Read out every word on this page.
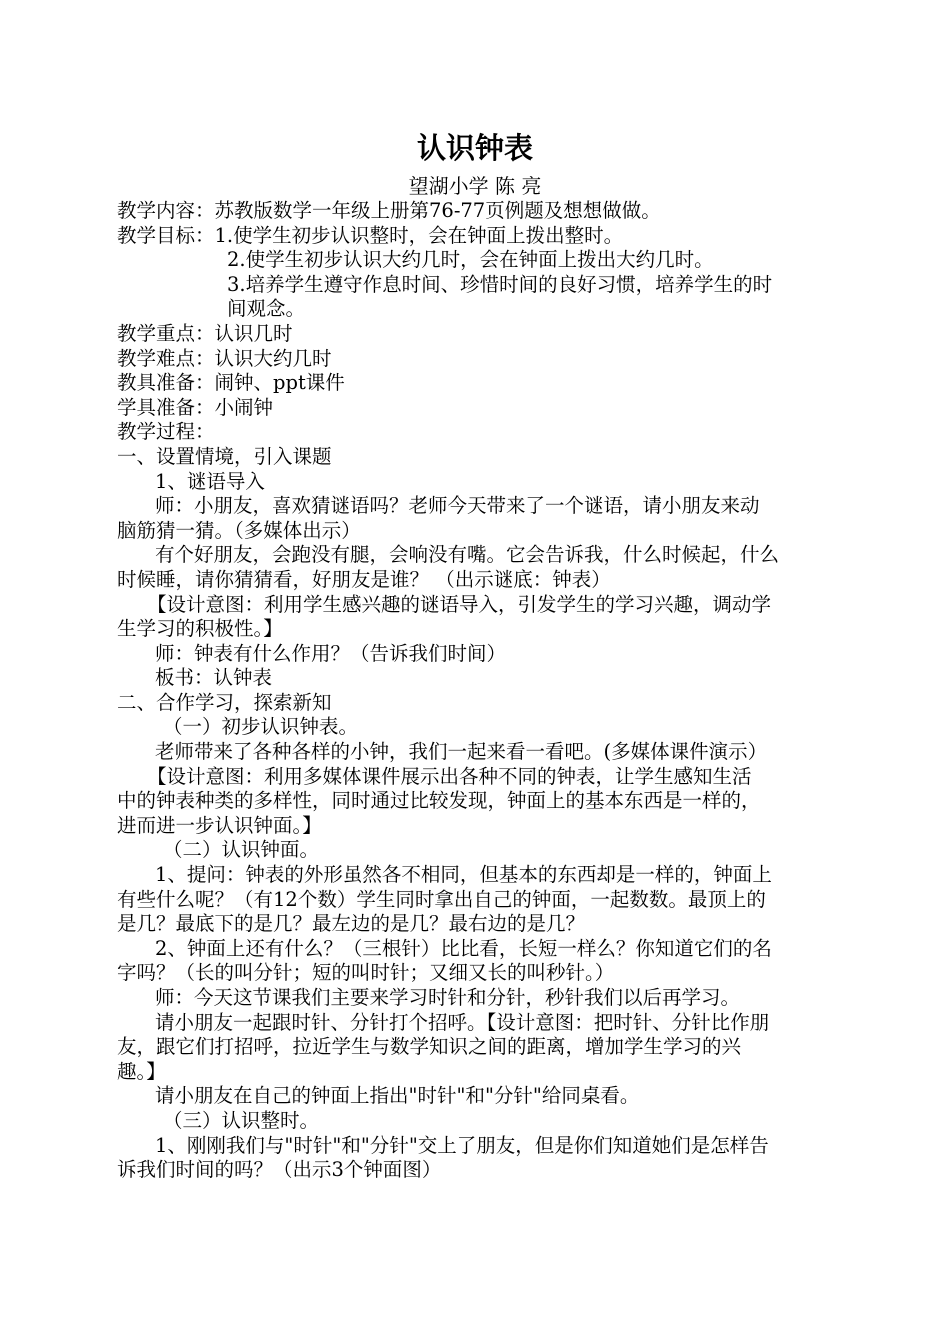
认识钟表
望湖小学 陈 亮
教学内容：苏教版数学一年级上册第76-77页例题及想想做做。
教学目标：1.使学生初步认识整时，会在钟面上拨出整时。
2.使学生初步认识大约几时，会在钟面上拨出大约几时。
3.培养学生遵守作息时间、珍惜时间的良好习惯，培养学生的时
间观念。
教学重点：认识几时
教学难点：认识大约几时
教具准备：闹钟、ppt课件
学具准备：小闹钟
教学过程：
一、设置情境，引入课题
1、谜语导入
师：小朋友，喜欢猜谜语吗？老师今天带来了一个谜语，请小朋友来动
脑筋猜一猜。（多媒体出示）
有个好朋友，会跑没有腿，会响没有嘴。它会告诉我，什么时候起，什么
时候睡，请你猜猜看，好朋友是谁？ （出示谜底：钟表）
【设计意图：利用学生感兴趣的谜语导入，引发学生的学习兴趣，调动学
生学习的积极性。】
师：钟表有什么作用？（告诉我们时间）
板书：认钟表
二、合作学习，探索新知
（一）初步认识钟表。
老师带来了各种各样的小钟，我们一起来看一看吧。(多媒体课件演示）
【设计意图：利用多媒体课件展示出各种不同的钟表，让学生感知生活
中的钟表种类的多样性，同时通过比较发现，钟面上的基本东西是一样的，
进而进一步认识钟面。】
（二）认识钟面。
1、提问：钟表的外形虽然各不相同，但基本的东西却是一样的，钟面上
有些什么呢？（有12个数）学生同时拿出自己的钟面，一起数数。最顶上的
是几？最底下的是几？最左边的是几？最右边的是几？
2、钟面上还有什么？（三根针）比比看，长短一样么？你知道它们的名
字吗？（长的叫分针；短的叫时针；又细又长的叫秒针。）
师：今天这节课我们主要来学习时针和分针，秒针我们以后再学习。
请小朋友一起跟时针、分针打个招呼。【设计意图：把时针、分针比作朋
友，跟它们打招呼，拉近学生与数学知识之间的距离，增加学生学习的兴
趣。】
请小朋友在自己的钟面上指出"时针"和"分针"给同桌看。
（三）认识整时。
1、刚刚我们与"时针"和"分针"交上了朋友，但是你们知道她们是怎样告
诉我们时间的吗？（出示3个钟面图）
